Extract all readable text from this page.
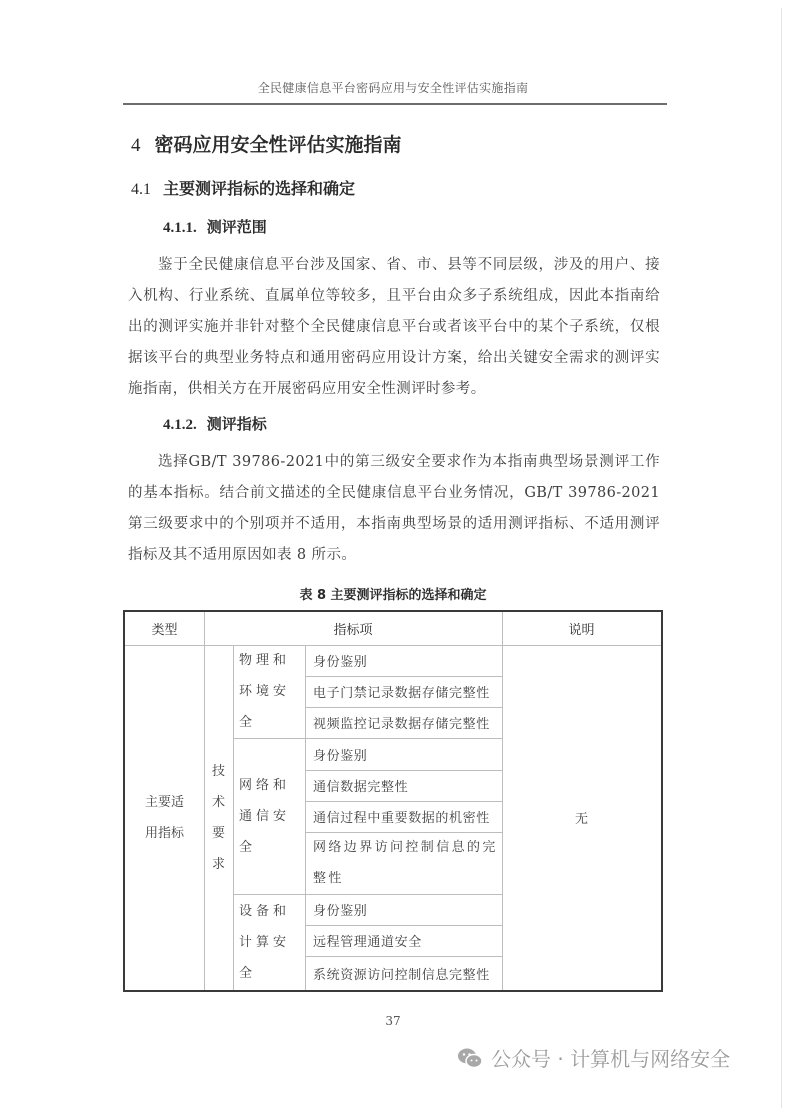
全民健康信息平台密码应用与安全性评估实施指南
4 密码应用安全性评估实施指南
4.1 主要测评指标的选择和确定
4.1.1. 测评范围
鉴于全民健康信息平台涉及国家、省、市、县等不同层级，涉及的用户、接入机构、行业系统、直属单位等较多，且平台由众多子系统组成，因此本指南给出的测评实施并非针对整个全民健康信息平台或者该平台中的某个子系统，仅根据该平台的典型业务特点和通用密码应用设计方案，给出关键安全需求的测评实施指南，供相关方在开展密码应用安全性测评时参考。
4.1.2. 测评指标
选择GB/T 39786-2021中的第三级安全要求作为本指南典型场景测评工作的基本指标。结合前文描述的全民健康信息平台业务情况，GB/T 39786-2021 第三级要求中的个别项并不适用，本指南典型场景的适用测评指标、不适用测评指标及其不适用原因如表 8 所示。
表 8 主要测评指标的选择和确定
类型	指标项	说明
主要适用指标
技术要求
物理和环境安全
网络和通信安全
设备和计算安全
身份鉴别
电子门禁记录数据存储完整性
视频监控记录数据存储完整性
身份鉴别
通信数据完整性
通信过程中重要数据的机密性
网络边界访问控制信息的完整性
身份鉴别
远程管理通道安全
系统资源访问控制信息完整性
无
37
公众号 · 计算机与网络安全
